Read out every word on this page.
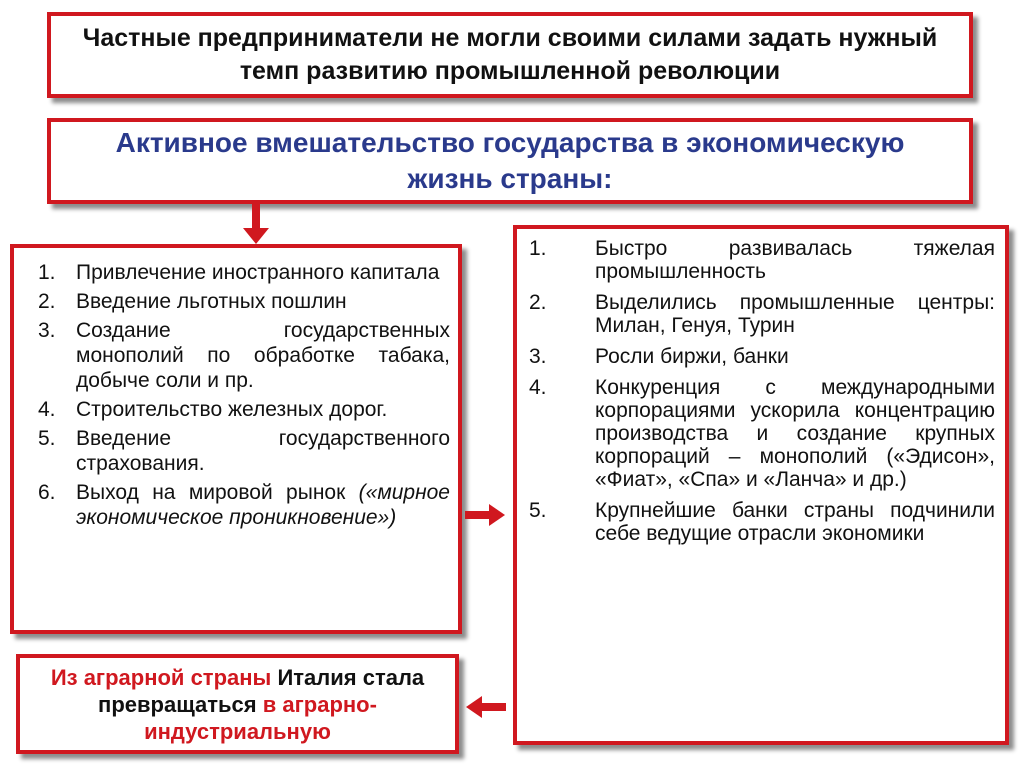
Частные предприниматели не могли своими силами задать нужный темп развитию промышленной революции
Активное вмешательство государства в экономическую жизнь страны:
1. Привлечение иностранного капитала
2. Введение льготных пошлин
3. Создание государственных монополий по обработке табака, добыче соли и пр.
4. Строительство железных дорог.
5. Введение государственного страхования.
6. Выход на мировой рынок («мирное экономическое проникновение»)
1.	Быстро развивалась тяжелая промышленность
2.	Выделились промышленные центры: Милан, Генуя, Турин
3.	Росли биржи, банки
4.	Конкуренция с международными корпорациями ускорила концентрацию производства и создание крупных корпораций – монополий («Эдисон», «Фиат», «Спа» и «Ланча» и др.)
5.	Крупнейшие банки страны подчинили себе ведущие отрасли экономики
Из аграрной страны Италия стала превращаться в аграрно-индустриальную
